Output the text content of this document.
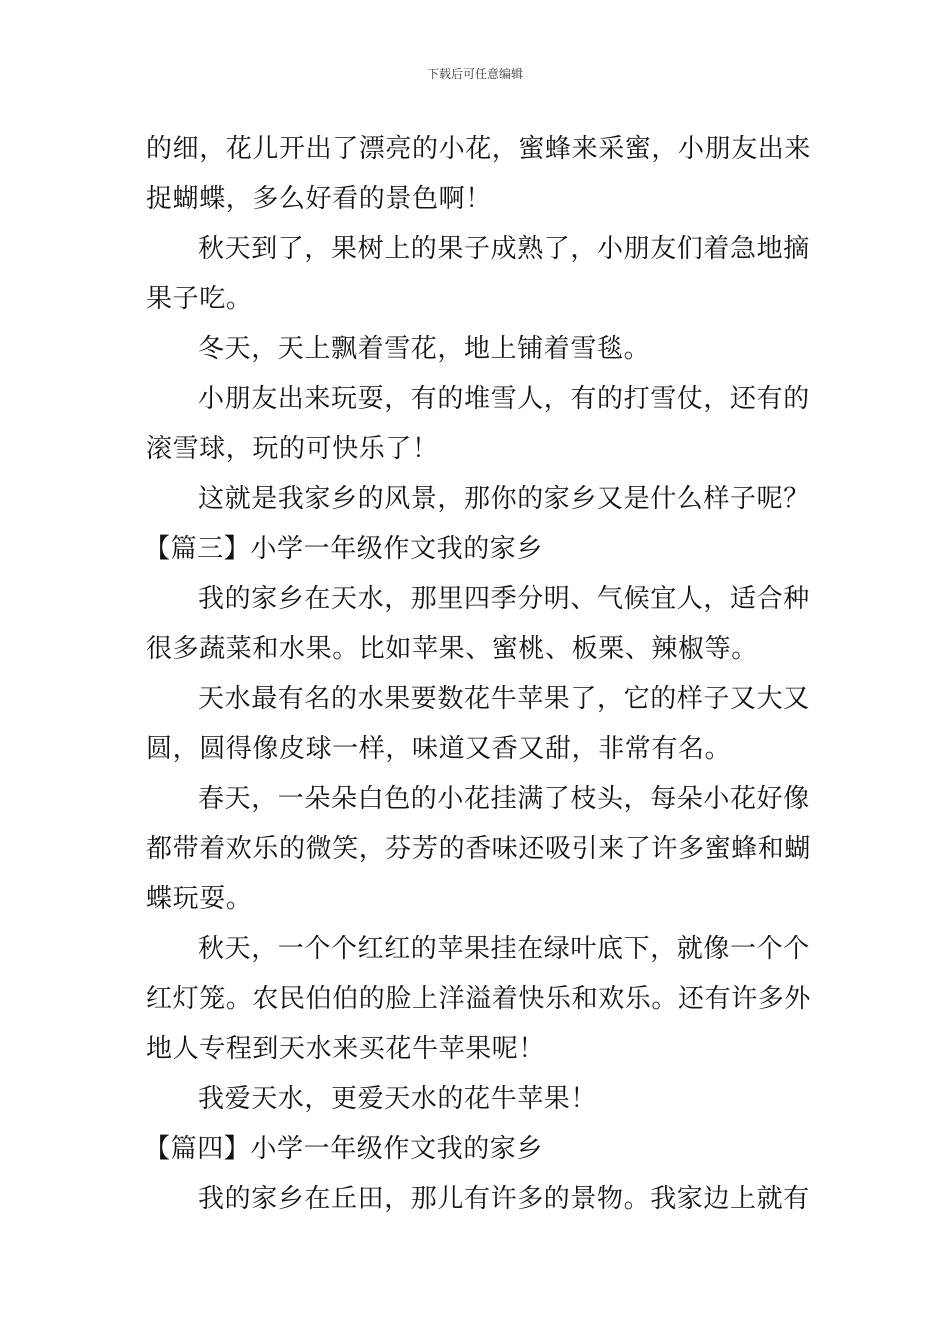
下载后可任意编辑
的细，花儿开出了漂亮的小花，蜜蜂来采蜜，小朋友出来
捉蝴蝶，多么好看的景色啊！
秋天到了，果树上的果子成熟了，小朋友们着急地摘
果子吃。
冬天，天上飘着雪花，地上铺着雪毯。
小朋友出来玩耍，有的堆雪人，有的打雪仗，还有的
滚雪球，玩的可快乐了！
这就是我家乡的风景，那你的家乡又是什么样子呢？
【篇三】小学一年级作文我的家乡
我的家乡在天水，那里四季分明、气候宜人，适合种
很多蔬菜和水果。比如苹果、蜜桃、板栗、辣椒等。
天水最有名的水果要数花牛苹果了，它的样子又大又
圆，圆得像皮球一样，味道又香又甜，非常有名。
春天，一朵朵白色的小花挂满了枝头，每朵小花好像
都带着欢乐的微笑，芬芳的香味还吸引来了许多蜜蜂和蝴
蝶玩耍。
秋天，一个个红红的苹果挂在绿叶底下，就像一个个
红灯笼。农民伯伯的脸上洋溢着快乐和欢乐。还有许多外
地人专程到天水来买花牛苹果呢！
我爱天水，更爱天水的花牛苹果！
【篇四】小学一年级作文我的家乡
我的家乡在丘田，那儿有许多的景物。我家边上就有
